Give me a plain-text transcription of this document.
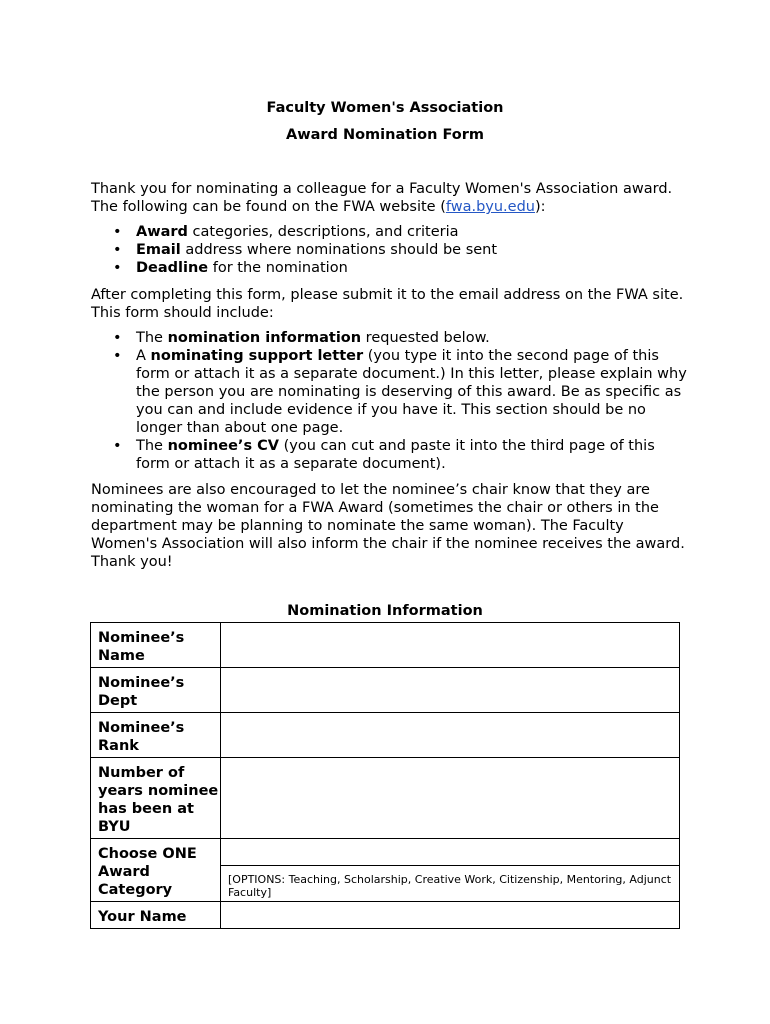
Faculty Women's Association
Award Nomination Form
Thank you for nominating a colleague for a Faculty Women's Association award. The following can be found on the FWA website (fwa.byu.edu):
• Award categories, descriptions, and criteria
• Email address where nominations should be sent
• Deadline for the nomination
After completing this form, please submit it to the email address on the FWA site. This form should include:
• The nomination information requested below.
• A nominating support letter (you type it into the second page of this form or attach it as a separate document.) In this letter, please explain why the person you are nominating is deserving of this award. Be as specific as you can and include evidence if you have it. This section should be no longer than about one page.
• The nominee’s CV (you can cut and paste it into the third page of this form or attach it as a separate document).
Nominees are also encouraged to let the nominee’s chair know that they are nominating the woman for a FWA Award (sometimes the chair or others in the department may be planning to nominate the same woman). The Faculty Women's Association will also inform the chair if the nominee receives the award. Thank you!
Nomination Information
Nominee’s Name	
Nominee’s Dept	
Nominee’s Rank	
Number of years nominee has been at BYU	
Choose ONE Award Category	

	[OPTIONS: Teaching, Scholarship, Creative Work, Citizenship, Mentoring, Adjunct Faculty]

Your Name	
